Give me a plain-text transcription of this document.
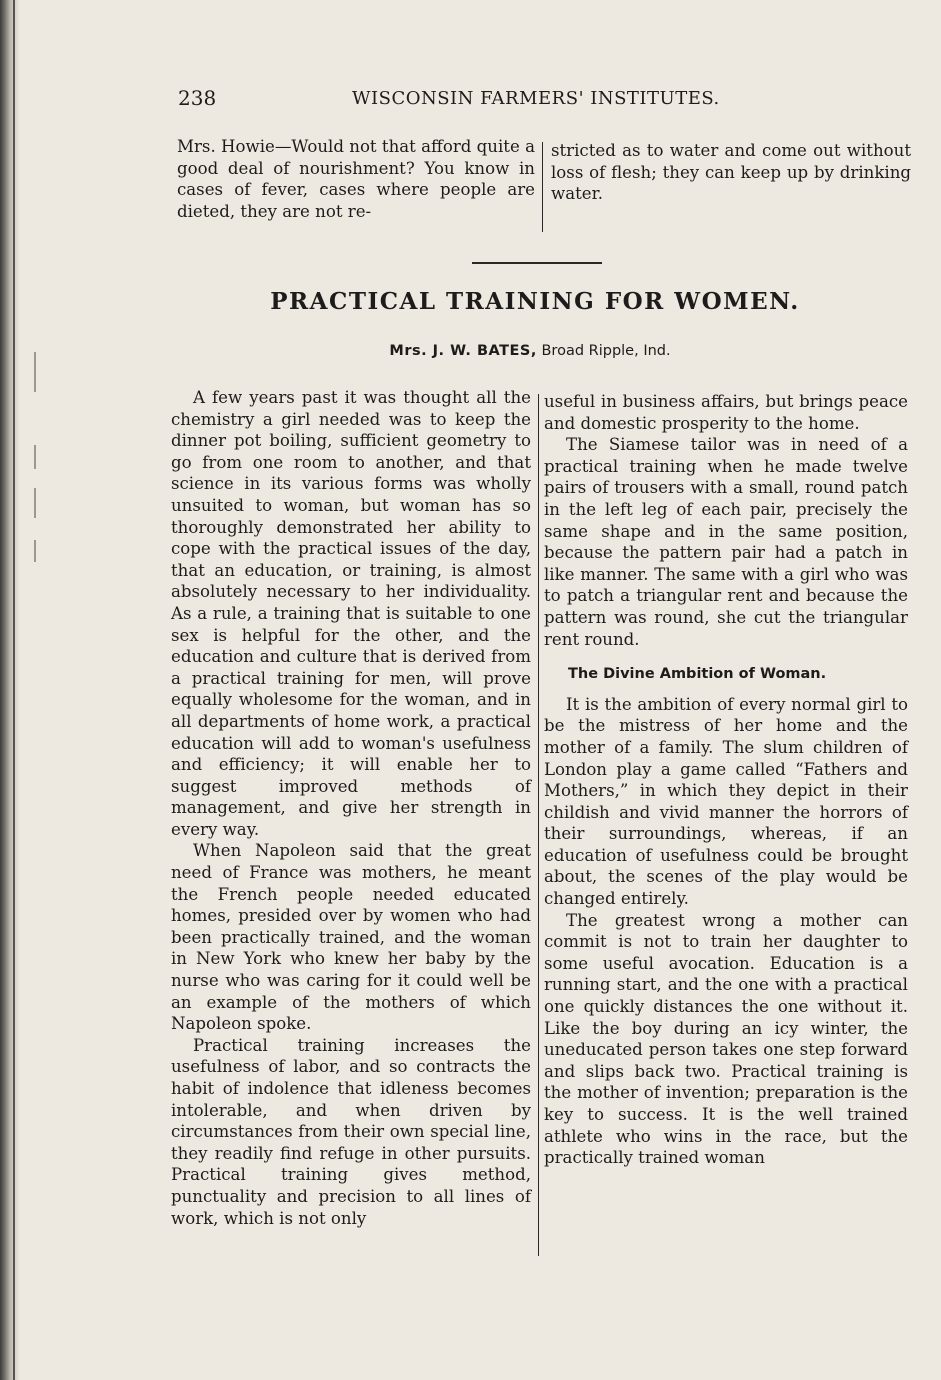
238	WISCONSIN FARMERS' INSTITUTES.

Mrs. Howie—Would not that afford quite a good deal of nourishment? You know in cases of fever, cases where people are dieted, they are not re-

stricted as to water and come out without loss of flesh; they can keep up by drinking water.

PRACTICAL TRAINING FOR WOMEN.
Mrs. J. W. BATES, Broad Ripple, Ind.

A few years past it was thought all the chemistry a girl needed was to keep the dinner pot boiling, sufficient geometry to go from one room to another, and that science in its various forms was wholly unsuited to woman, but woman has so thoroughly demonstrated her ability to cope with the practical issues of the day, that an education, or training, is almost absolutely necessary to her individuality. As a rule, a training that is suitable to one sex is helpful for the other, and the education and culture that is derived from a practical training for men, will prove equally wholesome for the woman, and in all departments of home work, a practical education will add to woman's usefulness and efficiency; it will enable her to suggest improved methods of management, and give her strength in every way.

When Napoleon said that the great need of France was mothers, he meant the French people needed educated homes, presided over by women who had been practically trained, and the woman in New York who knew her baby by the nurse who was caring for it could well be an example of the mothers of which Napoleon spoke.

Practical training increases the usefulness of labor, and so contracts the habit of indolence that idleness becomes intolerable, and when driven by circumstances from their own special line, they readily find refuge in other pursuits. Practical training gives method, punctuality and precision to all lines of work, which is not only

useful in business affairs, but brings peace and domestic prosperity to the home.

The Siamese tailor was in need of a practical training when he made twelve pairs of trousers with a small, round patch in the left leg of each pair, precisely the same shape and in the same position, because the pattern pair had a patch in like manner. The same with a girl who was to patch a triangular rent and because the pattern was round, she cut the triangular rent round.

The Divine Ambition of Woman.

It is the ambition of every normal girl to be the mistress of her home and the mother of a family. The slum children of London play a game called “Fathers and Mothers,” in which they depict in their childish and vivid manner the horrors of their surroundings, whereas, if an education of usefulness could be brought about, the scenes of the play would be changed entirely.

The greatest wrong a mother can commit is not to train her daughter to some useful avocation. Education is a running start, and the one with a practical one quickly distances the one without it. Like the boy during an icy winter, the uneducated person takes one step forward and slips back two. Practical training is the mother of invention; preparation is the key to success. It is the well trained athlete who wins in the race, but the practically trained woman
